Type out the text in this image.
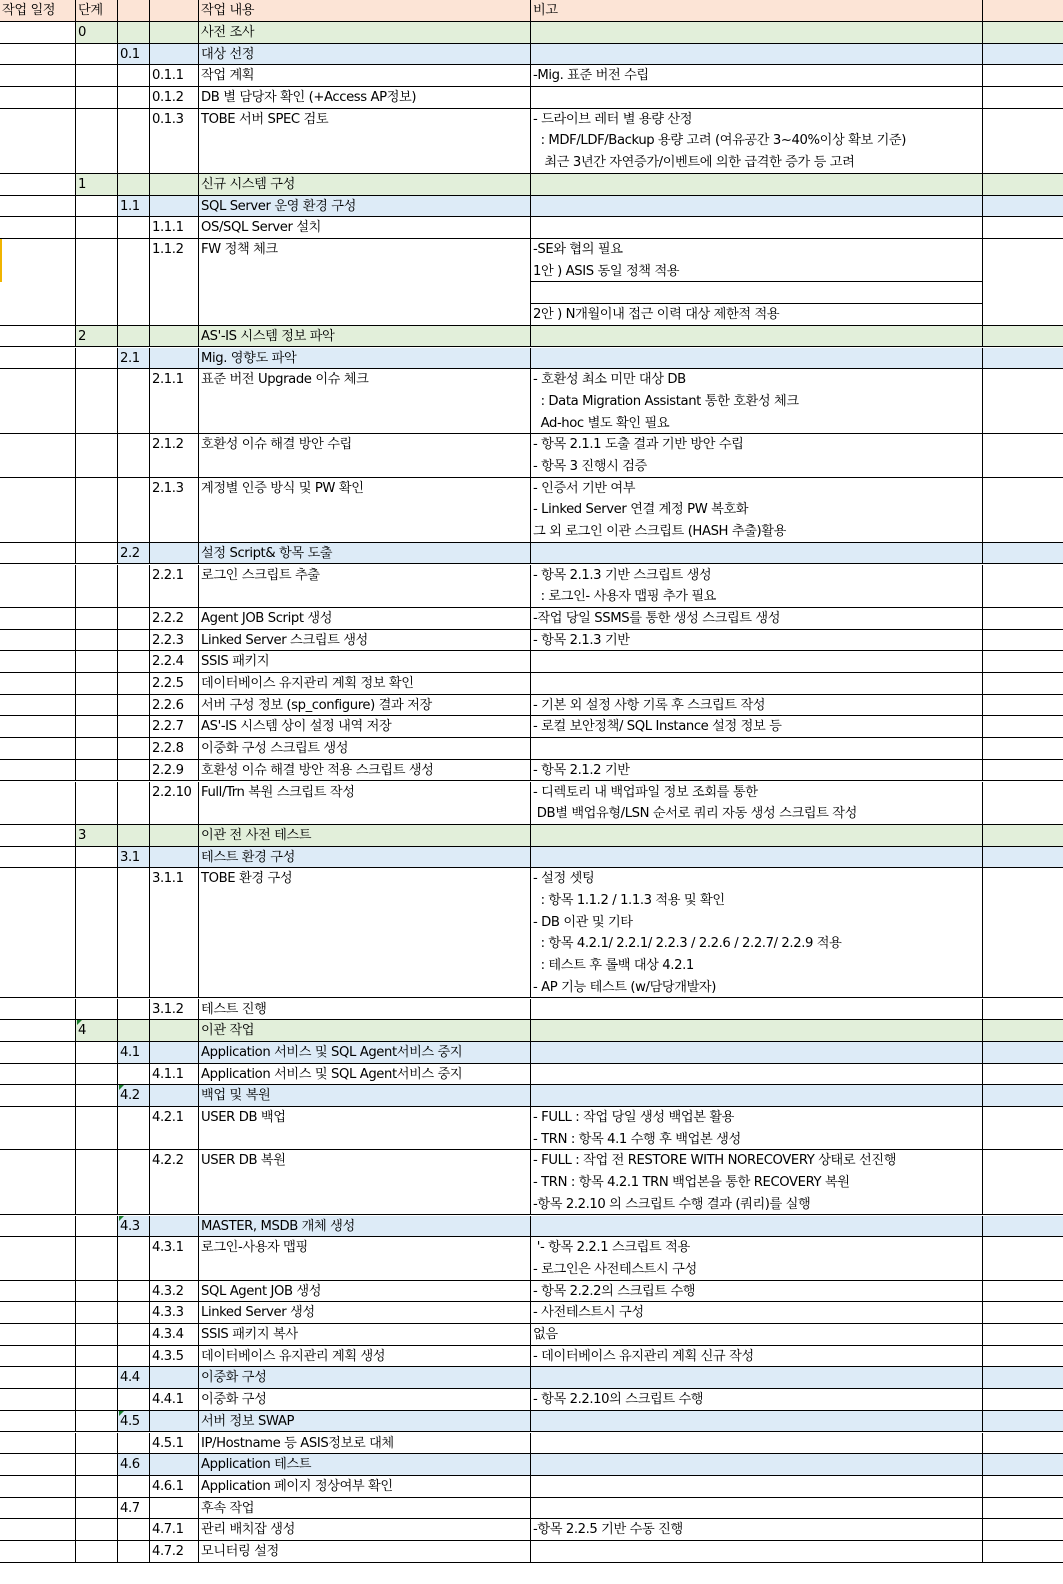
작업 일정	단계	작업 내용	비고
0	사전 조사
0.1	대상 선정
0.1.1	작업 계획	-Mig. 표준 버전 수립
0.1.2	DB 별 담당자 확인 (+Access AP정보)
0.1.3	TOBE 서버 SPEC 검토	- 드라이브 레터 별 용량 산정
: MDF/LDF/Backup 용량 고려 (여유공간 3~40%이상 확보 기준)
최근 3년간 자연증가/이벤트에 의한 급격한 증가 등 고려
1	신규 시스템 구성
1.1	SQL Server 운영 환경 구성
1.1.1	OS/SQL Server 설치
1.1.2	FW 정책 체크	-SE와 협의 필요
1안 ) ASIS 동일 정책 적용
2안 ) N개월이내 접근 이력 대상 제한적 적용
2	AS'-IS 시스템 정보 파악
2.1	Mig. 영향도 파악
2.1.1	표준 버전 Upgrade 이슈 체크	- 호환성 최소 미만 대상 DB
: Data Migration Assistant 통한 호환성 체크
Ad-hoc 별도 확인 필요
2.1.2	호환성 이슈 해결 방안 수립	- 항목 2.1.1 도출 결과 기반 방안 수립
- 항목 3 진행시 검증
2.1.3	계정별 인증 방식 및 PW 확인	- 인증서 기반 여부
- Linked Server 연결 계정 PW 복호화
그 외 로그인 이관 스크립트 (HASH 추출)활용
2.2	설정 Script& 항목 도출
2.2.1	로그인 스크립트 추출	- 항목 2.1.3 기반 스크립트 생성
: 로그인- 사용자 맵핑 추가 필요
2.2.2	Agent JOB Script 생성	-작업 당일 SSMS를 통한 생성 스크립트 생성
2.2.3	Linked Server 스크립트 생성	- 항목 2.1.3 기반
2.2.4	SSIS 패키지
2.2.5	데이터베이스 유지관리 계획 정보 확인
2.2.6	서버 구성 정보 (sp_configure) 결과 저장	- 기본 외 설정 사항 기록 후 스크립트 작성
2.2.7	AS'-IS 시스템 상이 설정 내역 저장	- 로컬 보안정책/ SQL Instance 설정 정보 등
2.2.8	이중화 구성 스크립트 생성
2.2.9	호환성 이슈 해결 방안 적용 스크립트 생성	- 항목 2.1.2 기반
2.2.10 Full/Trn 복원 스크립트 작성	- 디렉토리 내 백업파일 정보 조회를 통한
DB별 백업유형/LSN 순서로 쿼리 자동 생성 스크립트 작성
3	이관 전 사전 테스트
3.1	테스트 환경 구성
3.1.1	TOBE 환경 구성	- 설정 셋팅
: 항목 1.1.2 / 1.1.3 적용 및 확인
- DB 이관 및 기타
: 항목 4.2.1/ 2.2.1/ 2.2.3 / 2.2.6 / 2.2.7/ 2.2.9 적용
: 테스트 후 롤백 대상 4.2.1
- AP 기능 테스트 (w/담당개발자)
3.1.2	테스트 진행
4	이관 작업
4.1	Application 서비스 및 SQL Agent서비스 중지
4.1.1	Application 서비스 및 SQL Agent서비스 중지
4.2	백업 및 복원
4.2.1	USER DB 백업	- FULL : 작업 당일 생성 백업본 활용
- TRN : 항목 4.1 수행 후 백업본 생성
4.2.2	USER DB 복원	- FULL : 작업 전 RESTORE WITH NORECOVERY 상태로 선진행
- TRN : 항목 4.2.1 TRN 백업본을 통한 RECOVERY 복원
-항목 2.2.10 의 스크립트 수행 결과 (쿼리)를 실행
4.3	MASTER, MSDB 개체 생성
4.3.1	로그인-사용자 맵핑	'- 항목 2.2.1 스크립트 적용
- 로그인은 사전테스트시 구성
4.3.2	SQL Agent JOB 생성	- 항목 2.2.2의 스크립트 수행
4.3.3	Linked Server 생성	- 사전테스트시 구성
4.3.4	SSIS 패키지 복사	없음
4.3.5	데이터베이스 유지관리 계획 생성	- 데이터베이스 유지관리 계획 신규 작성
4.4	이중화 구성
4.4.1	이중화 구성	- 항목 2.2.10의 스크립트 수행
4.5	서버 정보 SWAP
4.5.1	IP/Hostname 등 ASIS정보로 대체
4.6	Application 테스트
4.6.1	Application 페이지 정상여부 확인
4.7	후속 작업
4.7.1	관리 배치잡 생성	-항목 2.2.5 기반 수동 진행
4.7.2	모니터링 설정
